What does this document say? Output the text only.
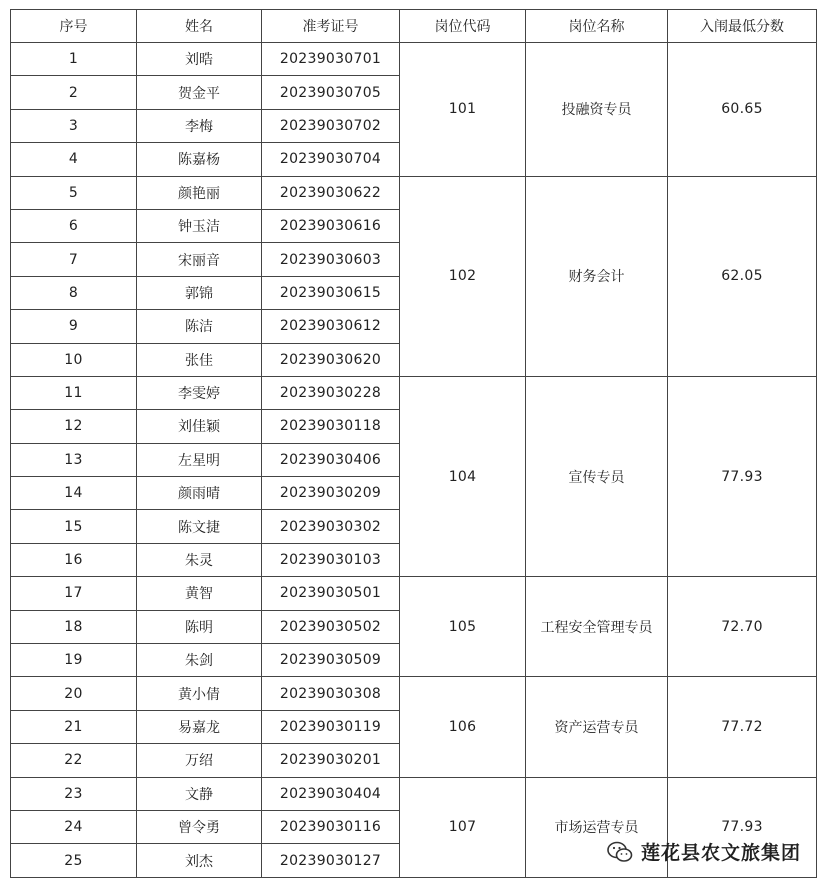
序号	姓名	准考证号	岗位代码	岗位名称	入闱最低分数
1	刘晧	20239030701	101	投融资专员	60.65
2	贺金平	20239030705			
3	李梅	20239030702			
4	陈嘉杨	20239030704			
5	颜艳丽	20239030622	102	财务会计	62.05
6	钟玉洁	20239030616			
7	宋丽音	20239030603			
8	郭锦	20239030615			
9	陈洁	20239030612			
10	张佳	20239030620			
11	李雯婷	20239030228	104	宣传专员	77.93
12	刘佳颖	20239030118			
13	左星明	20239030406			
14	颜雨晴	20239030209			
15	陈文捷	20239030302			
16	朱灵	20239030103			
17	黄智	20239030501	105	工程安全管理专员	72.70
18	陈明	20239030502			
19	朱剑	20239030509			
20	黄小倩	20239030308	106	资产运营专员	77.72
21	易嘉龙	20239030119			
22	万绍	20239030201			
23	文静	20239030404	107	市场运营专员	77.93
24	曾令勇	20239030116			
25	刘杰	20239030127				莲花县农文旅集团
